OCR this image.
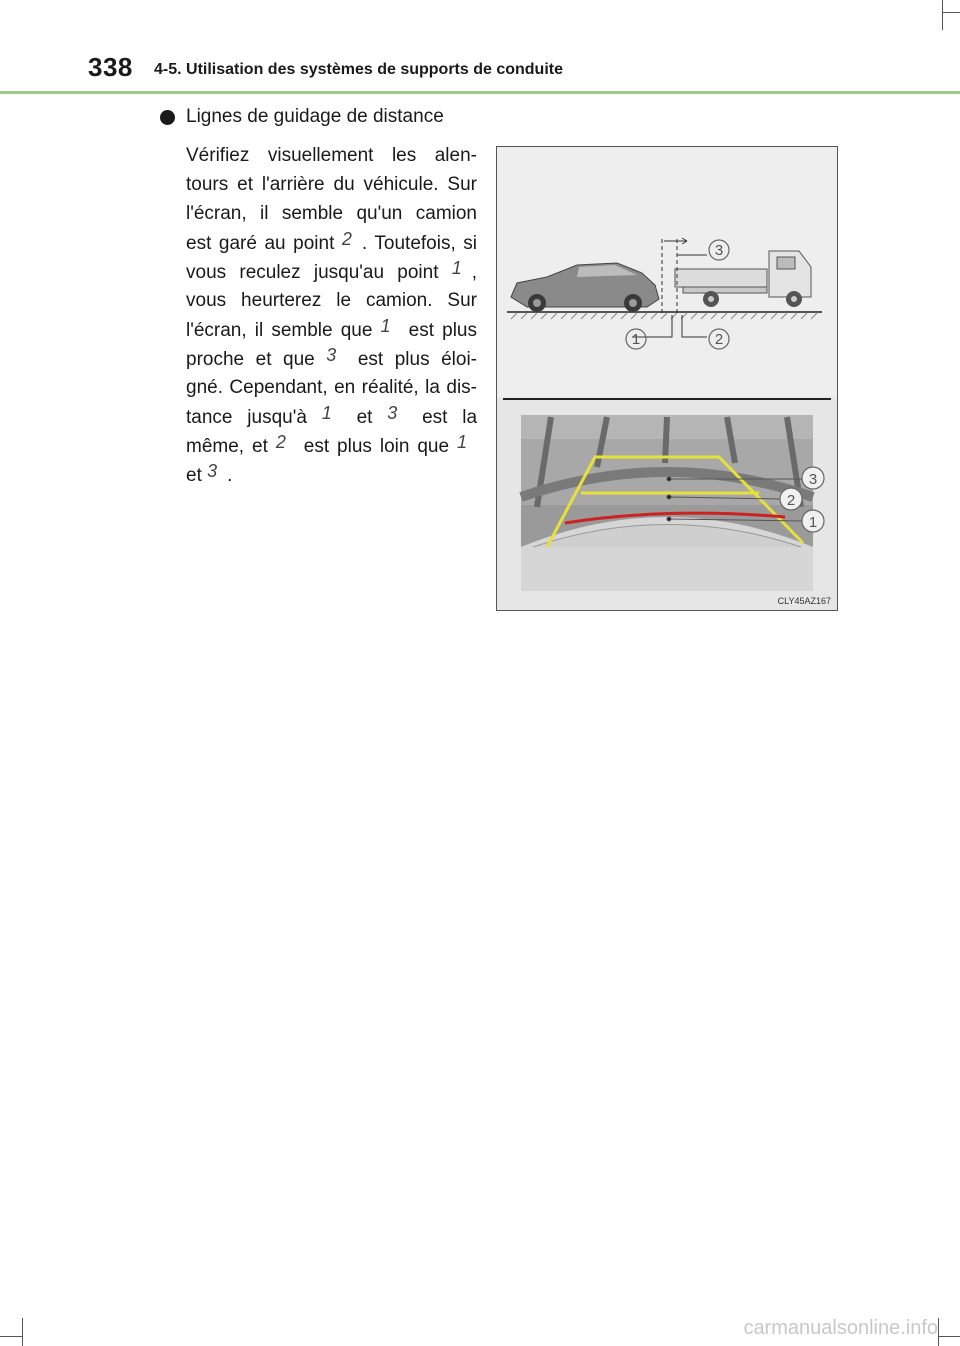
338 4-5. Utilisation des systèmes de supports de conduite
Lignes de guidage de distance
Vérifiez visuellement les alen-
tours et l'arrière du véhicule. Sur
l'écran, il semble qu'un camion
est garé au point 2 . Toutefois, si
vous reculez jusqu'au point 1 ,
vous heurterez le camion. Sur
l'écran, il semble que 1 est plus
proche et que 3 est plus éloi-
gné. Cependant, en réalité, la dis-
tance jusqu'à 1 et 3 est la
même, et 2 est plus loin que 1
et 3 .
3
1	2
3
2
1
CLY45AZ167
carmanualsonline.info
